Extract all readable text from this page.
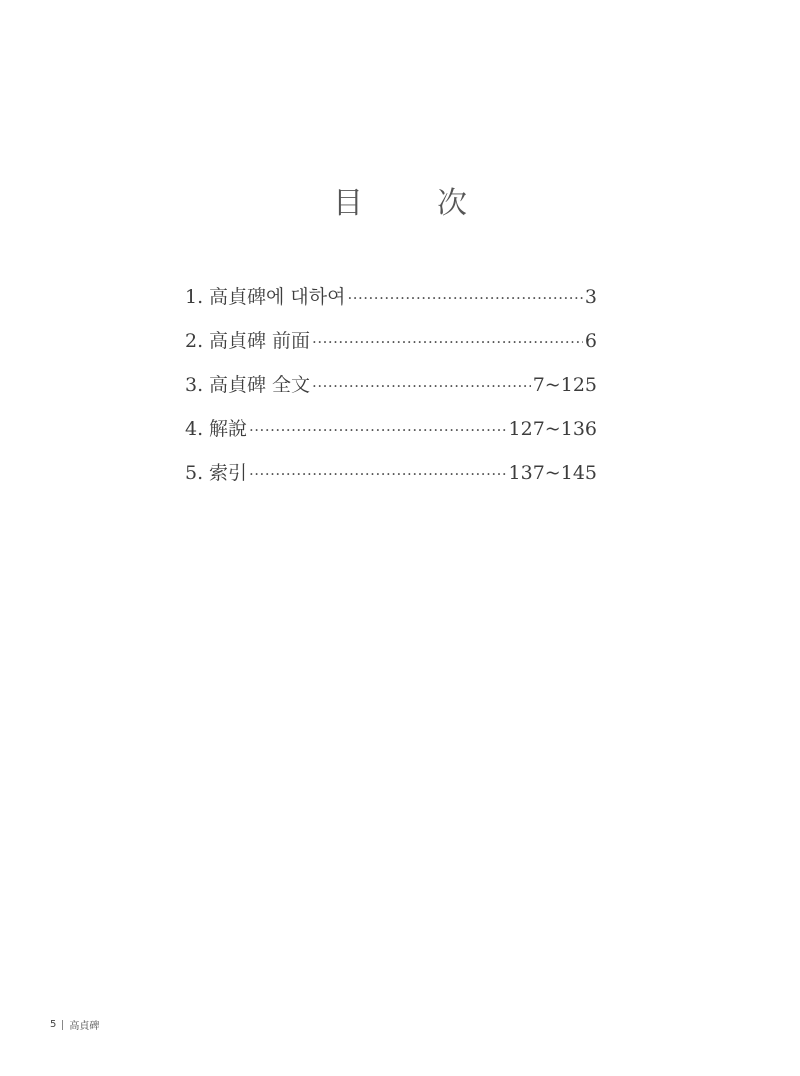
目　次
1. 高貞碑에 대하여 ·····	3
2. 高貞碑 前面 ·····	6
3. 高貞碑 全文 ·····	7~125
4. 解說 ·····	127~136
5. 索引 ·····	137~145
5 高貞碑
